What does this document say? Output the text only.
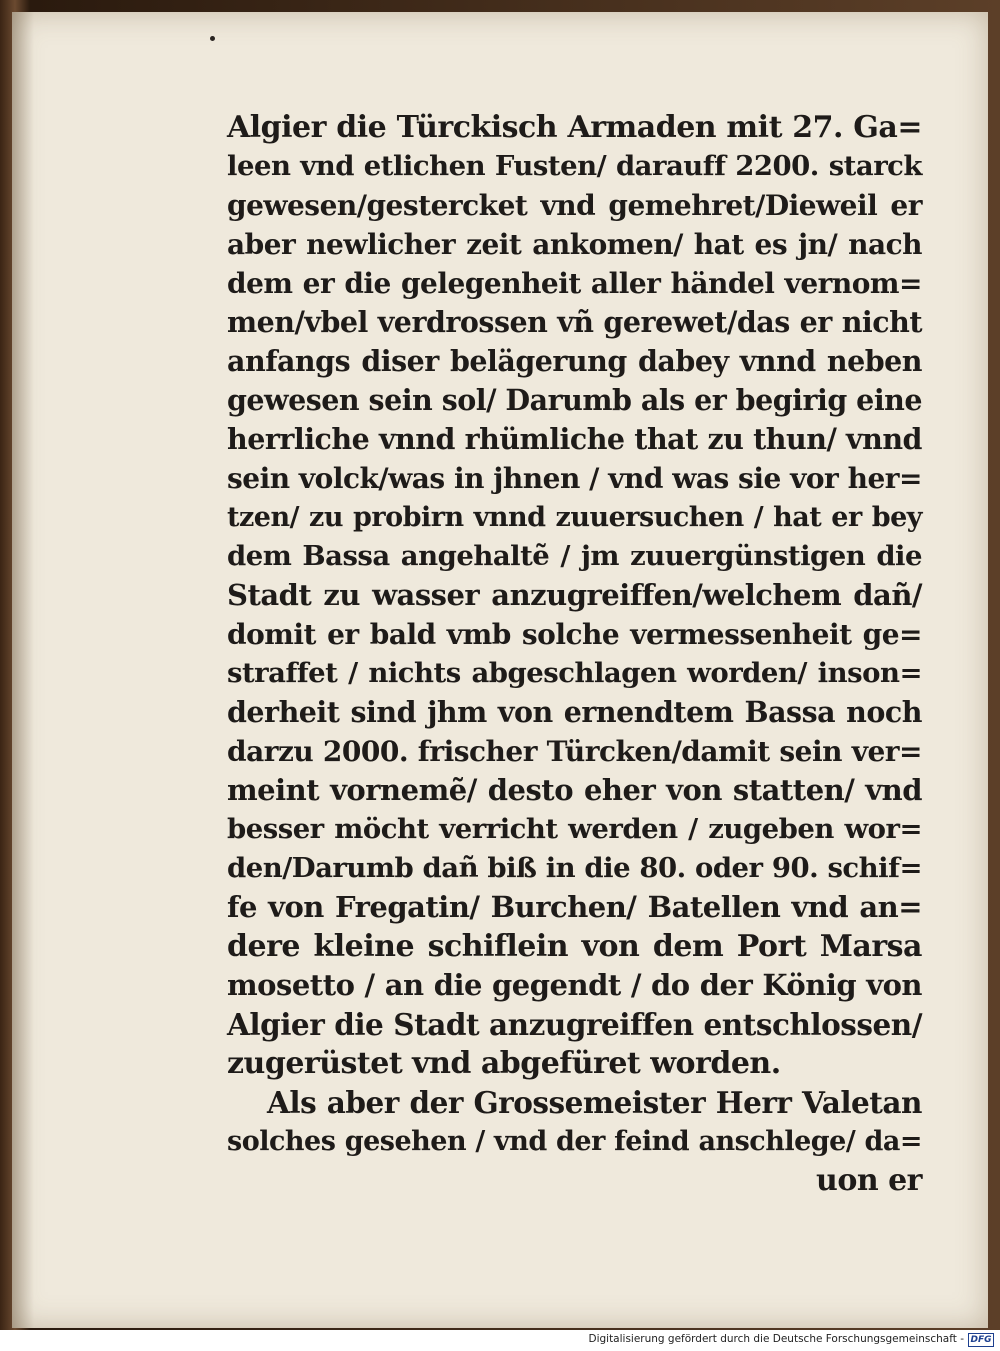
Algier die Türckisch Armaden mit 27. Ga=
leen vnd etlichen Fusten/ darauff 2200. starck
gewesen/gestercket vnd gemehret/Dieweil er
aber newlicher zeit ankomen/ hat es jn/ nach
dem er die gelegenheit aller händel vernom=
men/vbel verdrossen vñ gerewet/das er nicht
anfangs diser belägerung dabey vnnd neben
gewesen sein sol/ Darumb als er begirig eine
herrliche vnnd rhümliche that zu thun/ vnnd
sein volck/was in jhnen / vnd was sie vor her=
tzen/ zu probirn vnnd zuuersuchen / hat er bey
dem Bassa angehaltẽ / jm zuuergünstigen die
Stadt zu wasser anzugreiffen/welchem dañ/
domit er bald vmb solche vermessenheit ge=
straffet / nichts abgeschlagen worden/ inson=
derheit sind jhm von ernendtem Bassa noch
darzu 2000. frischer Türcken/damit sein ver=
meint vornemẽ/ desto eher von statten/ vnd
besser möcht verricht werden / zugeben wor=
den/Darumb dañ biß in die 80. oder 90. schif=
fe von Fregatin/ Burchen/ Batellen vnd an=
dere kleine schiflein von dem Port Marsa
mosetto / an die gegendt / do der König von
Algier die Stadt anzugreiffen entschlossen/
zugerüstet vnd abgefüret worden.
Als aber der Grossemeister Herr Valetan
solches gesehen / vnd der feind anschlege/ da=
uon er
Digitalisierung gefördert durch die Deutsche Forschungsgemeinschaft - DFG
